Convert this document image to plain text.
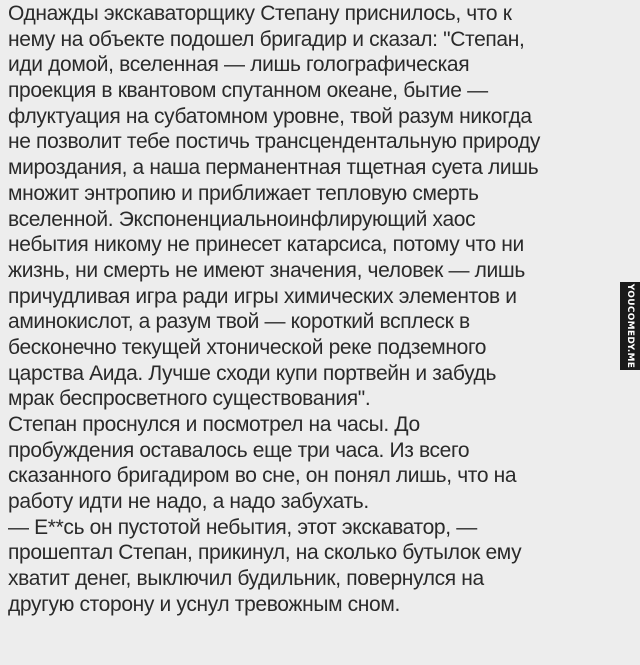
Однажды экскаваторщику Степану приснилось, что к
нему на объекте подошел бригадир и сказал: "Степан,
иди домой, вселенная — лишь голографическая
проекция в квантовом спутанном океане, бытие —
флуктуация на субатомном уровне, твой разум никогда
не позволит тебе постичь трансцендентальную природу
мироздания, а наша перманентная тщетная суета лишь
множит энтропию и приближает тепловую смерть
вселенной. Экспоненциальноинфлирующий хаос
небытия никому не принесет катарсиса, потому что ни
жизнь, ни смерть не имеют значения, человек — лишь
причудливая игра ради игры химических элементов и
аминокислот, а разум твой — короткий всплеск в
бесконечно текущей хтонической реке подземного
царства Аида. Лучше сходи купи портвейн и забудь
мрак беспросветного существования".
Степан проснулся и посмотрел на часы. До
пробуждения оставалось еще три часа. Из всего
сказанного бригадиром во сне, он понял лишь, что на
работу идти не надо, а надо забухать.
— Е**сь он пустотой небытия, этот экскаватор, —
прошептал Степан, прикинул, на сколько бутылок ему
хватит денег, выключил будильник, повернулся на
другую сторону и уснул тревожным сном.
YOUCOMEDY.ME
